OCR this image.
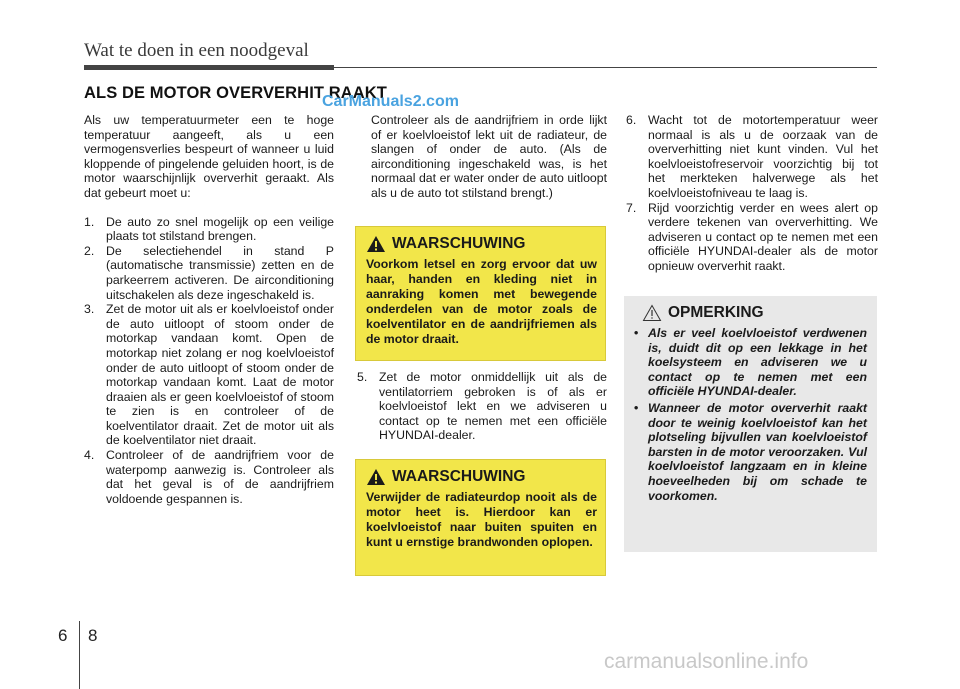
Wat te doen in een noodgeval
ALS DE MOTOR OVERVERHIT RAAKT
CarManuals2.com

Als uw temperatuurmeter een te hoge temperatuur aangeeft, als u een vermogensverlies bespeurt of wanneer u luid kloppende of pingelende geluiden hoort, is de motor waarschijnlijk oververhit geraakt. Als dat gebeurt moet u:

1. De auto zo snel mogelijk op een veilige plaats tot stilstand brengen.
2. De selectiehendel in stand P (automatische transmissie) zetten en de parkeerrem activeren. De airconditioning uitschakelen als deze ingeschakeld is.
3. Zet de motor uit als er koelvloeistof onder de auto uitloopt of stoom onder de motorkap vandaan komt. Open de motorkap niet zolang er nog koelvloeistof onder de auto uitloopt of stoom onder de motorkap vandaan komt. Laat de motor draaien als er geen koelvloeistof of stoom te zien is en controleer of de koelventilator draait. Zet de motor uit als de koelventilator niet draait.
4. Controleer of de aandrijfriem voor de waterpomp aanwezig is. Controleer als dat het geval is of de aandrijfriem voldoende gespannen is.

Controleer als de aandrijfriem in orde lijkt of er koelvloeistof lekt uit de radiateur, de slangen of onder de auto. (Als de airconditioning ingeschakeld was, is het normaal dat er water onder de auto uitloopt als u de auto tot stilstand brengt.)

WAARSCHUWING
Voorkom letsel en zorg ervoor dat uw haar, handen en kleding niet in aanraking komen met bewegende onderdelen van de motor zoals de koelventilator en de aandrijfriemen als de motor draait.
5. Zet de motor onmiddellijk uit als de ventilatorriem gebroken is of als er koelvloeistof lekt en we adviseren u contact op te nemen met een officiële HYUNDAI-dealer.
WAARSCHUWING
Verwijder de radiateurdop nooit als de motor heet is. Hierdoor kan er koelvloeistof naar buiten spuiten en kunt u ernstige brandwonden oplopen.
6. Wacht tot de motortemperatuur weer normaal is als u de oorzaak van de oververhitting niet kunt vinden. Vul het koelvloeistofreservoir voorzichtig bij tot het merkteken halverwege als het koelvloeistofniveau te laag is.
7. Rijd voorzichtig verder en wees alert op verdere tekenen van oververhitting. We adviseren u contact op te nemen met een officiële HYUNDAI-dealer als de motor opnieuw oververhit raakt.
OPMERKING
• Als er veel koelvloeistof verdwenen is, duidt dit op een lekkage in het koelsysteem en adviseren we u contact op te nemen met een officiële HYUNDAI-dealer.
• Wanneer de motor oververhit raakt door te weinig koelvloeistof kan het plotseling bijvullen van koelvloeistof barsten in de motor veroorzaken. Vul koelvloeistof langzaam en in kleine hoeveelheden bij om schade te voorkomen.
6 8
carmanualsonline.info
